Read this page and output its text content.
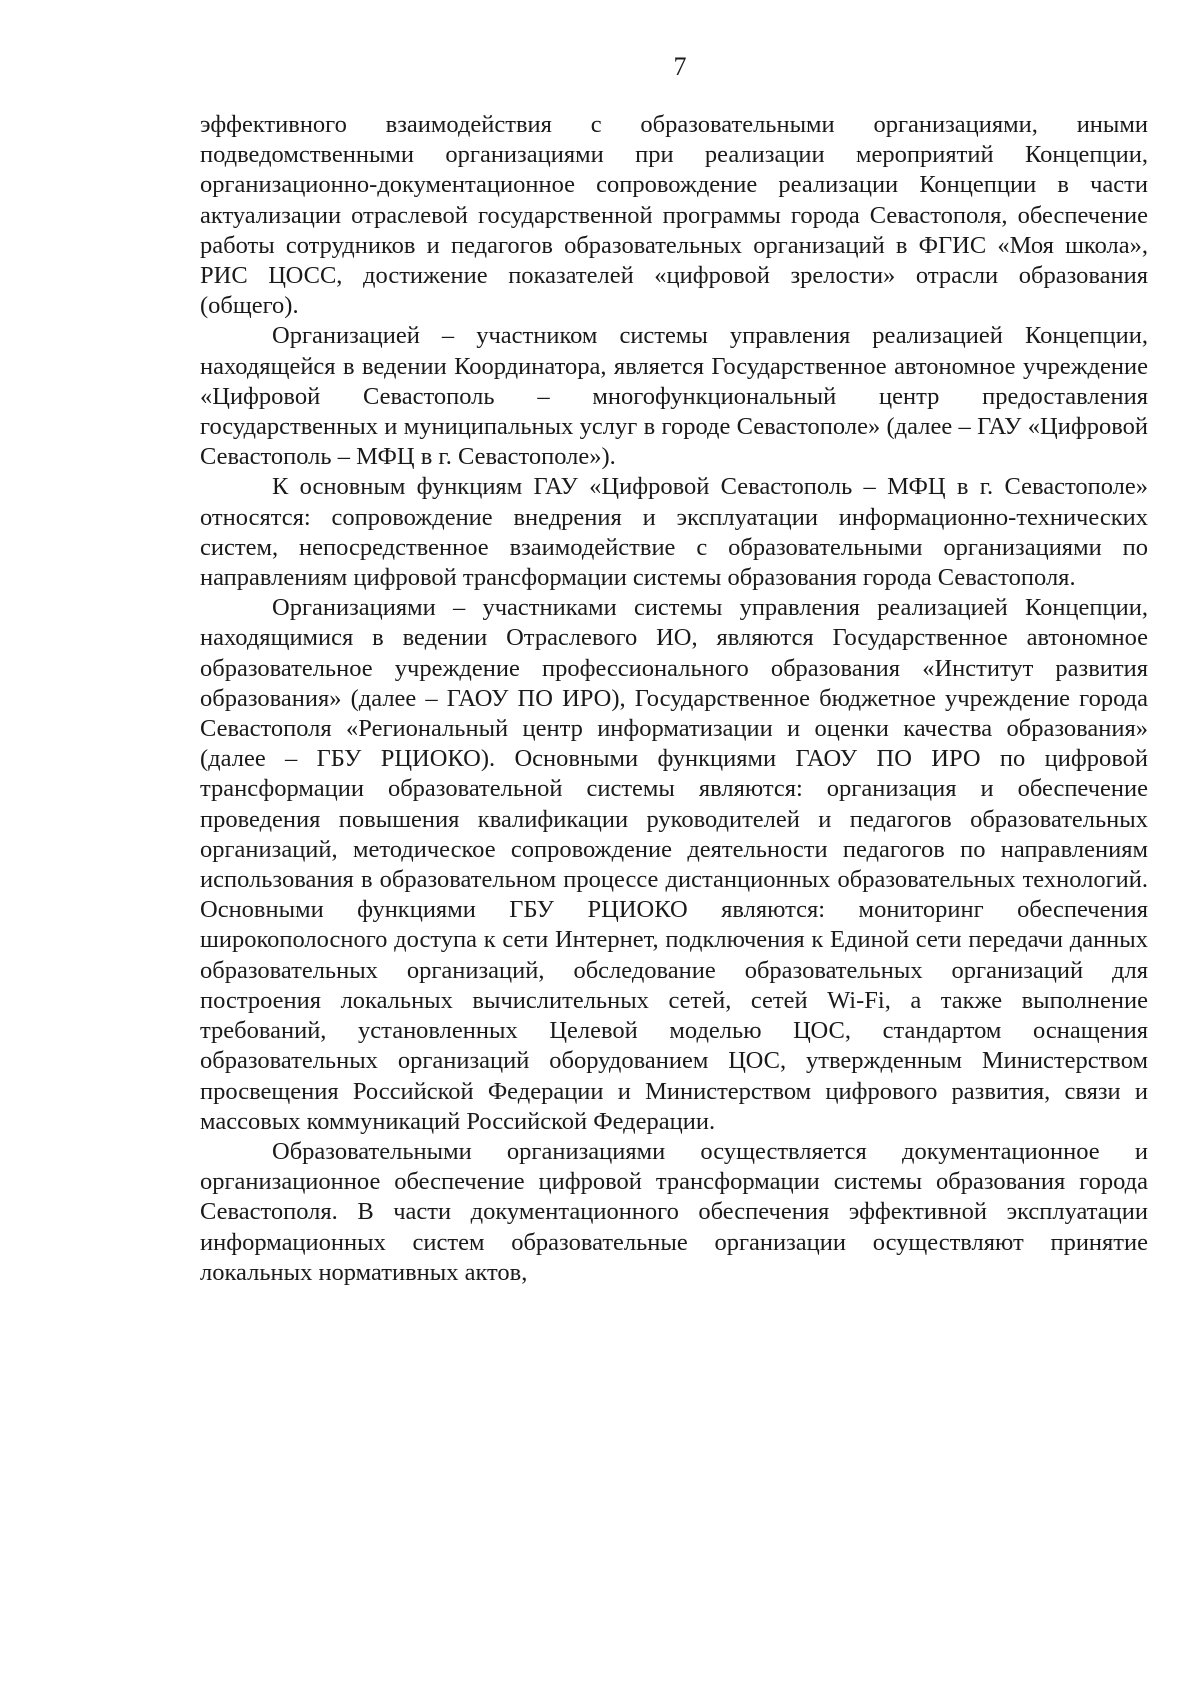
7

эффективного взаимодействия с образовательными организациями, иными подведомственными организациями при реализации мероприятий Концепции, организационно-документационное сопровождение реализации Концепции в части актуализации отраслевой государственной программы города Севастополя, обеспечение работы сотрудников и педагогов образовательных организаций в ФГИС «Моя школа», РИС ЦОСС, достижение показателей «цифровой зрелости» отрасли образования (общего).

Организацией – участником системы управления реализацией Концепции, находящейся в ведении Координатора, является Государственное автономное учреждение «Цифровой Севастополь – многофункциональный центр предоставления государственных и муниципальных услуг в городе Севастополе» (далее – ГАУ «Цифровой Севастополь – МФЦ в г. Севастополе»).

К основным функциям ГАУ «Цифровой Севастополь – МФЦ в г. Севастополе» относятся: сопровождение внедрения и эксплуатации информационно-технических систем, непосредственное взаимодействие с образовательными организациями по направлениям цифровой трансформации системы образования города Севастополя.

Организациями – участниками системы управления реализацией Концепции, находящимися в ведении Отраслевого ИО, являются Государственное автономное образовательное учреждение профессионального образования «Институт развития образования» (далее – ГАОУ ПО ИРО), Государственное бюджетное учреждение города Севастополя «Региональный центр информатизации и оценки качества образования» (далее – ГБУ РЦИОКО). Основными функциями ГАОУ ПО ИРО по цифровой трансформации образовательной системы являются: организация и обеспечение проведения повышения квалификации руководителей и педагогов образовательных организаций, методическое сопровождение деятельности педагогов по направлениям использования в образовательном процессе дистанционных образовательных технологий. Основными функциями ГБУ РЦИОКО являются: мониторинг обеспечения широкополосного доступа к сети Интернет, подключения к Единой сети передачи данных образовательных организаций, обследование образовательных организаций для построения локальных вычислительных сетей, сетей Wi-Fi, а также выполнение требований, установленных Целевой моделью ЦОС, стандартом оснащения образовательных организаций оборудованием ЦОС, утвержденным Министерством просвещения Российской Федерации и Министерством цифрового развития, связи и массовых коммуникаций Российской Федерации.

Образовательными организациями осуществляется документационное и организационное обеспечение цифровой трансформации системы образования города Севастополя. В части документационного обеспечения эффективной эксплуатации информационных систем образовательные организации осуществляют принятие локальных нормативных актов,
